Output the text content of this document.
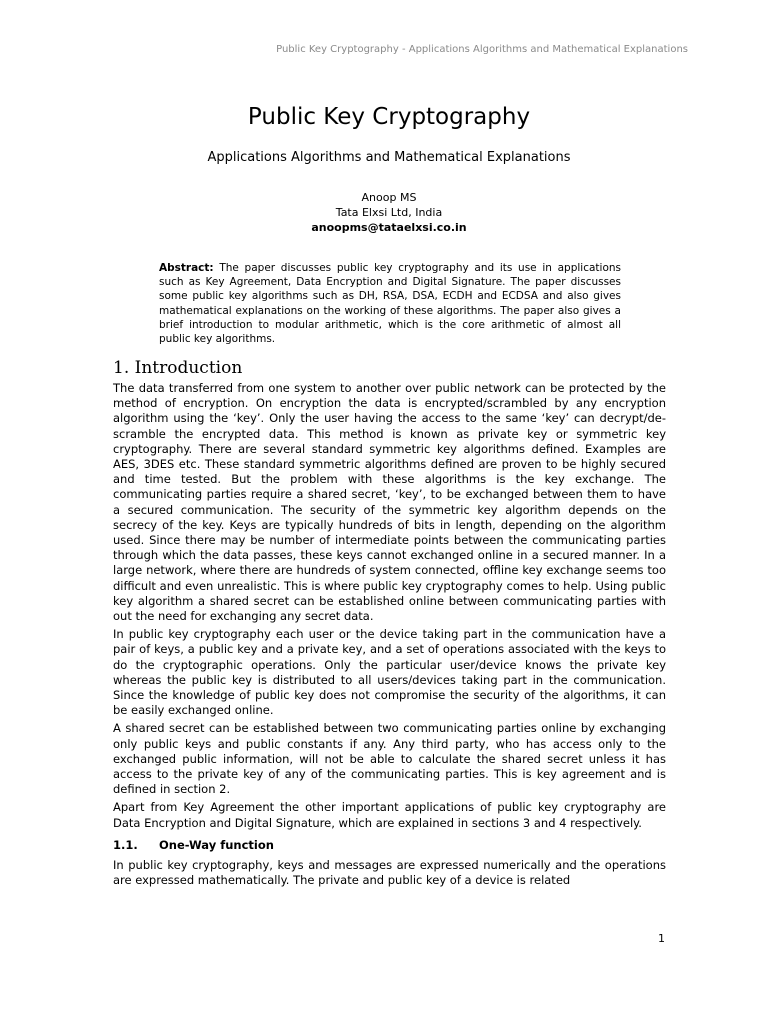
Public Key Cryptography - Applications Algorithms and Mathematical Explanations
Public Key Cryptography
Applications Algorithms and Mathematical Explanations
Anoop MS
Tata Elxsi Ltd, India
anoopms@tataelxsi.co.in
Abstract: The paper discusses public key cryptography and its use in applications such as Key Agreement, Data Encryption and Digital Signature. The paper discusses some public key algorithms such as DH, RSA, DSA, ECDH and ECDSA and also gives mathematical explanations on the working of these algorithms. The paper also gives a brief introduction to modular arithmetic, which is the core arithmetic of almost all public key algorithms.
1. Introduction

The data transferred from one system to another over public network can be protected by the method of encryption. On encryption the data is encrypted/scrambled by any encryption algorithm using the ‘key’. Only the user having the access to the same ‘key’ can decrypt/de-scramble the encrypted data. This method is known as private key or symmetric key cryptography. There are several standard symmetric key algorithms defined. Examples are AES, 3DES etc. These standard symmetric algorithms defined are proven to be highly secured and time tested. But the problem with these algorithms is the key exchange. The communicating parties require a shared secret, ‘key’, to be exchanged between them to have a secured communication. The security of the symmetric key algorithm depends on the secrecy of the key. Keys are typically hundreds of bits in length, depending on the algorithm used. Since there may be number of intermediate points between the communicating parties through which the data passes, these keys cannot exchanged online in a secured manner. In a large network, where there are hundreds of system connected, offline key exchange seems too difficult and even unrealistic. This is where public key cryptography comes to help. Using public key algorithm a shared secret can be established online between communicating parties with out the need for exchanging any secret data.

In public key cryptography each user or the device taking part in the communication have a pair of keys, a public key and a private key, and a set of operations associated with the keys to do the cryptographic operations. Only the particular user/device knows the private key whereas the public key is distributed to all users/devices taking part in the communication. Since the knowledge of public key does not compromise the security of the algorithms, it can be easily exchanged online.

A shared secret can be established between two communicating parties online by exchanging only public keys and public constants if any. Any third party, who has access only to the exchanged public information, will not be able to calculate the shared secret unless it has access to the private key of any of the communicating parties. This is key agreement and is defined in section 2.

Apart from Key Agreement the other important applications of public key cryptography are Data Encryption and Digital Signature, which are explained in sections 3 and 4 respectively.

1.1. One-Way function

In public key cryptography, keys and messages are expressed numerically and the operations are expressed mathematically. The private and public key of a device is related

1
